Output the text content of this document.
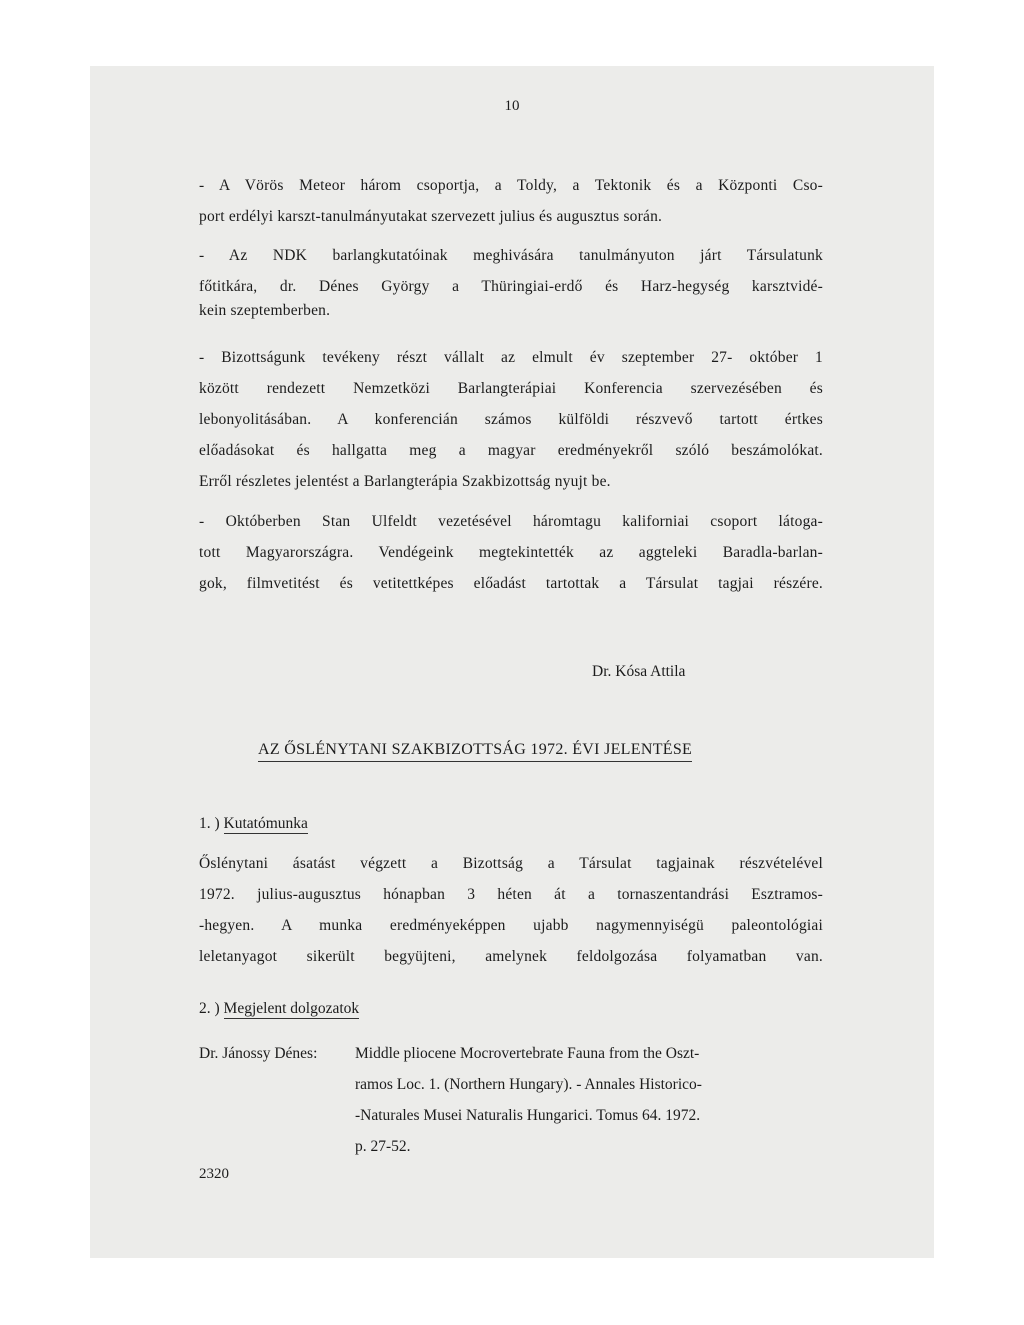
10
- A Vörös Meteor három csoportja, a Toldy, a Tektonik és a Központi Cso-
port erdélyi karszt-tanulmányutakat szervezett julius és augusztus során.
- Az NDK barlangkutatóinak meghivására tanulmányuton járt Társulatunk
főtitkára, dr. Dénes György a Thüringiai-erdő és Harz-hegység karsztvidé-
kein szeptemberben.
- Bizottságunk tevékeny részt vállalt az elmult év szeptember 27- október 1
között rendezett Nemzetközi Barlangterápiai Konferencia szervezésében és
lebonyolitásában. A konferencián számos külföldi részvevő tartott értkes
előadásokat és hallgatta meg a magyar eredményekről szóló beszámolókat.
Erről részletes jelentést a Barlangterápia Szakbizottság nyujt be.
- Októberben Stan Ulfeldt vezetésével háromtagu kaliforniai csoport látoga-
tott Magyarországra. Vendégeink megtekintették az aggteleki Baradla-barlan-
gok, filmvetitést és vetitettképes előadást tartottak a Társulat tagjai részére.
Dr. Kósa Attila
AZ ŐSLÉNYTANI SZAKBIZOTTSÁG 1972. ÉVI JELENTÉSE
1. ) Kutatómunka
Őslénytani ásatást végzett a Bizottság a Társulat tagjainak részvételével
1972. julius-augusztus hónapban 3 héten át a tornaszentandrási Esztramos-
-hegyen. A munka eredményeképpen ujabb nagymennyiségü paleontológiai
leletanyagot sikerült begyüjteni, amelynek feldolgozása folyamatban van.
2. ) Megjelent dolgozatok
Dr. Jánossy Dénes: Middle pliocene Mocrovertebrate Fauna from the Oszt-
ramos Loc. 1. (Northern Hungary). - Annales Historico-
-Naturales Musei Naturalis Hungarici. Tomus 64. 1972.
p. 27-52.
2320
